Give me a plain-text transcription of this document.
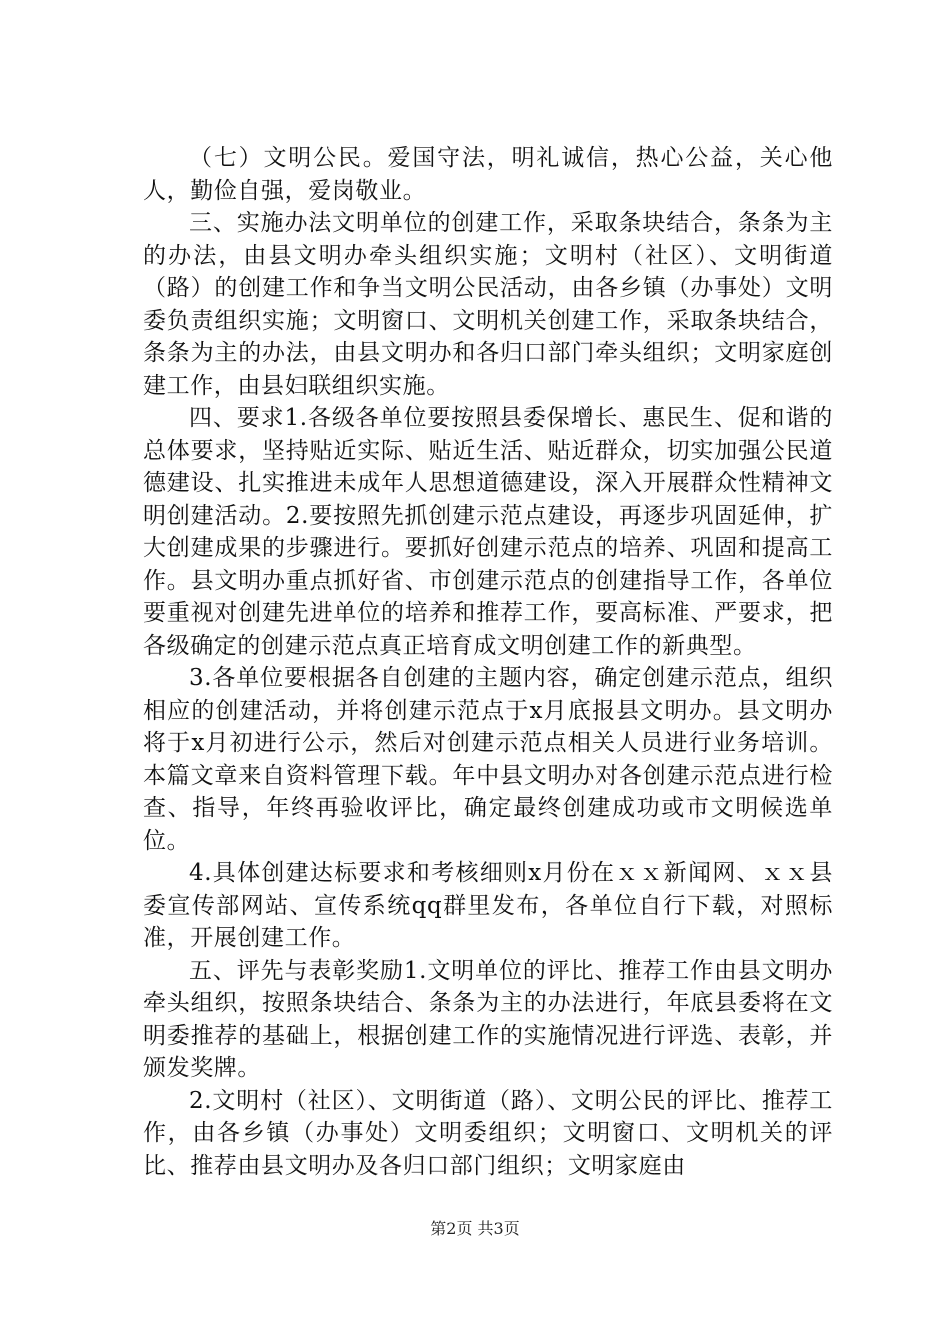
（七）文明公民。爱国守法，明礼诚信，热心公益，关心他人，勤俭自强，爱岗敬业。

三、实施办法文明单位的创建工作，采取条块结合，条条为主的办法，由县文明办牵头组织实施；文明村（社区）、文明街道（路）的创建工作和争当文明公民活动，由各乡镇（办事处）文明委负责组织实施；文明窗口、文明机关创建工作，采取条块结合，条条为主的办法，由县文明办和各归口部门牵头组织；文明家庭创建工作，由县妇联组织实施。

四、要求1.各级各单位要按照县委保增长、惠民生、促和谐的总体要求，坚持贴近实际、贴近生活、贴近群众，切实加强公民道德建设、扎实推进未成年人思想道德建设，深入开展群众性精神文明创建活动。2.要按照先抓创建示范点建设，再逐步巩固延伸，扩大创建成果的步骤进行。要抓好创建示范点的培养、巩固和提高工作。县文明办重点抓好省、市创建示范点的创建指导工作，各单位要重视对创建先进单位的培养和推荐工作，要高标准、严要求，把各级确定的创建示范点真正培育成文明创建工作的新典型。

3.各单位要根据各自创建的主题内容，确定创建示范点，组织相应的创建活动，并将创建示范点于x月底报县文明办。县文明办将于x月初进行公示，然后对创建示范点相关人员进行业务培训。本篇文章来自资料管理下载。年中县文明办对各创建示范点进行检查、指导，年终再验收评比，确定最终创建成功或市文明候选单位。

4.具体创建达标要求和考核细则x月份在ｘｘ新闻网、ｘｘ县委宣传部网站、宣传系统qq群里发布，各单位自行下载，对照标准，开展创建工作。

五、评先与表彰奖励1.文明单位的评比、推荐工作由县文明办牵头组织，按照条块结合、条条为主的办法进行，年底县委将在文明委推荐的基础上，根据创建工作的实施情况进行评选、表彰，并颁发奖牌。

2.文明村（社区）、文明街道（路）、文明公民的评比、推荐工作，由各乡镇（办事处）文明委组织；文明窗口、文明机关的评比、推荐由县文明办及各归口部门组织；文明家庭由

第2页 共3页
